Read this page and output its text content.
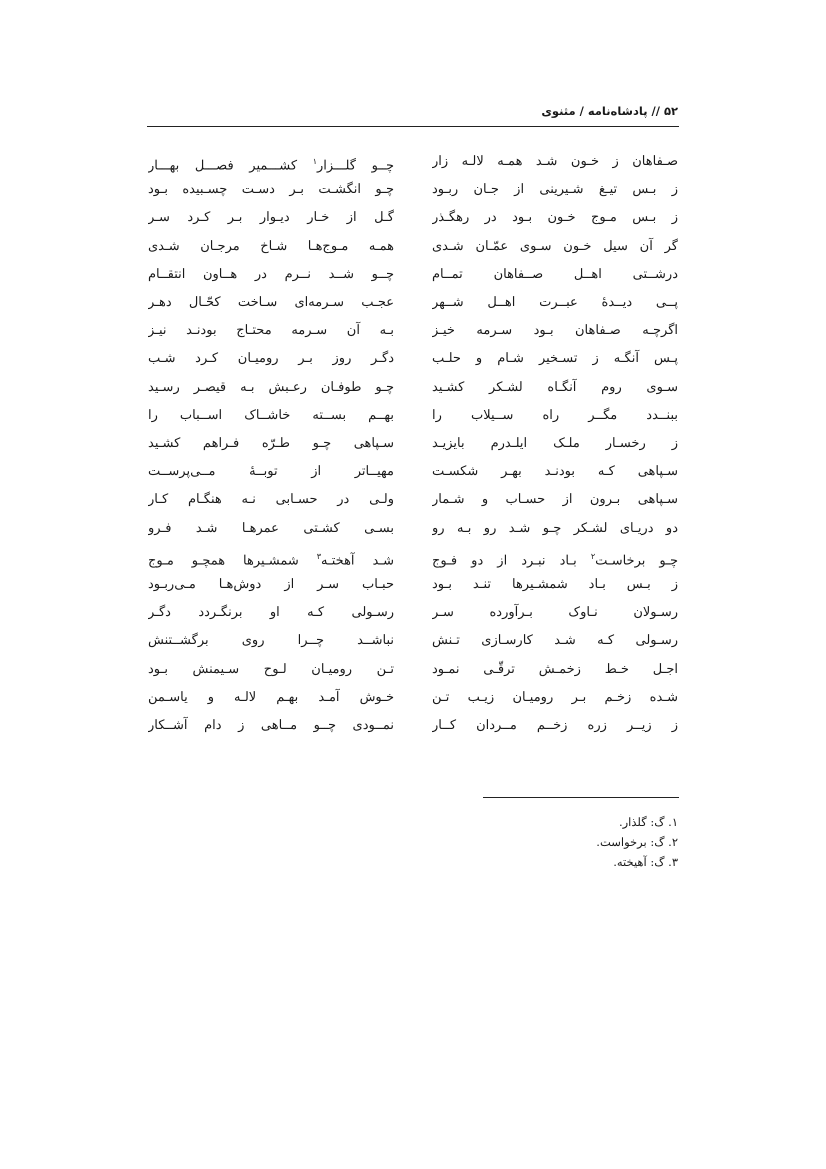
۵۲ // پادشاه‌نامه / مثنوی
صـفاهان ز خـون شـد همـه لالـه زار
چــو گلـــزار$^۱$ کشـــمیر فصـــل بهـــار
ز بـس تیـغ شـیرینی از جـان ربـود
چـو انگشـت بـر دسـت چسـبیده بـود
ز بـس مـوج خـون بـود در رهگـذر
گـل از خـار دیـوار بـر کـرد سـر
گر آن سیل خـون سـوی عمّـان شـدی
همـه مـوج‌هـا شـاخ مرجـان شـدی
درشــتی اهــل صــفاهان تمــام
چــو شــد نــرم در هــاون انتقــام
پــی دیــدۀ عبــرت اهــل شــهر
عجـب سـرمه‌ای سـاخت کحّـال دهـر
اگرچـه صـفاهان بـود سـرمه خیـز
بـه آن سـرمه محتـاج بودنـد نیـز
پـس آنگـه ز تسـخیر شـام و حلـب
دگـر روز بـر رومیـان کـرد شـب
سـوی روم آنگـاه لشـکر کشـید
چـو طوفـان رعـبش بـه قیصـر رسـید
ببنــدد مگــر راه ســیلاب را
بهــم بســته خاشــاک اســباب را
ز رخسـار ملـک ایلـدرم بایزیـد
سـپاهی چـو طـرّه فـراهم کشـید
سـپاهی کـه بودنـد بهـر شکسـت
مهیــاتر از توبــۀ مــی‌پرســت
سـپاهی بـرون از حسـاب و شـمار
ولـی در حسـابی نـه هنگـام کـار
دو دریـای لشـکر چـو شـد رو بـه رو
بسـی کشـتی عمرهـا شـد فـرو
چـو برخاسـت$^۲$ بـاد نبـرد از دو فـوج
شـد آهختـه$^۳$ شمشـیرها همچـو مـوج
ز بـس بـاد شمشـیرها تنـد بـود
حبـاب سـر از دوش‌هـا مـی‌ربـود
رسـولان نـاوک بـرآورده سـر
رسـولی کـه او برنگـردد دگـر
رسـولی کـه شـد کارسـازی تـنش
نباشــد چــرا روی برگشــتنش
اجـل خـط زخمـش ترقّـی نمـود
تـن رومیـان لـوح سـیمنش بـود
شـده زخـم بـر رومیـان زیـب تـن
خـوش آمـد بهـم لالـه و یاسـمن
ز زیــر زره زخــم مــردان کــار
نمــودی چــو مــاهی ز دام آشــکار
۱. گ: گلذار.
۲. گ: برخواست.
۳. گ: آهیخته.
